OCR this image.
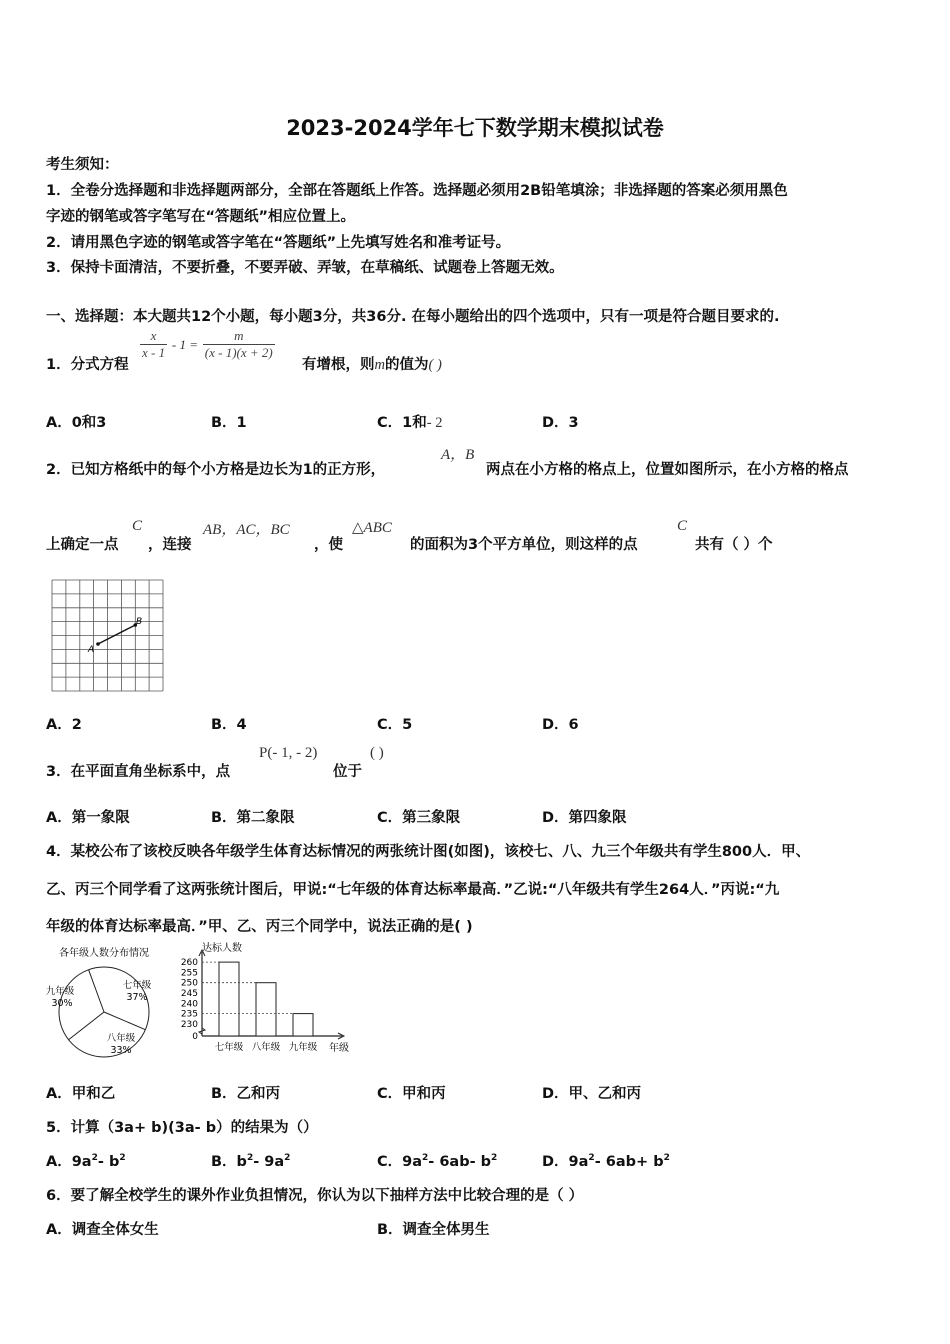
2023-2024学年七下数学期末模拟试卷
考生须知：
1．全卷分选择题和非选择题两部分，全部在答题纸上作答。选择题必须用2B铅笔填涂；非选择题的答案必须用黑色
字迹的钢笔或答字笔写在“答题纸”相应位置上。
2．请用黑色字迹的钢笔或答字笔在“答题纸”上先填写姓名和准考证号。
3．保持卡面清洁，不要折叠，不要弄破、弄皱，在草稿纸、试题卷上答题无效。
一、选择题：本大题共12个小题，每小题3分，共36分. 在每小题给出的四个选项中，只有一项是符合题目要求的.
1．分式方程
$\frac{x}{x - 1} - 1 = \frac{m}{(x - 1)(x + 2)}$
有增根，则m的值为( )
A．0和3	B．1	C．1和- 2	D．3
2．已知方格纸中的每个小方格是边长为1的正方形，
A，B
两点在小方格的格点上，位置如图所示，在小方格的格点
上确定一点
C
，连接
AB，AC，BC
，使
△ABC
的面积为3个平方单位，则这样的点
C
共有（ ）个
A
B
A．2	B．4	C．5	D．6
3．在平面直角坐标系中，点
P(- 1, - 2)
位于
( )
A．第一象限	B．第二象限	C．第三象限	D．第四象限
4．某校公布了该校反映各年级学生体育达标情况的两张统计图(如图)，该校七、八、九三个年级共有学生800人．甲、
乙、丙三个同学看了这两张统计图后，甲说:“七年级的体育达标率最高．”乙说:“八年级共有学生264人．”丙说:“九
年级的体育达标率最高．”甲、乙、丙三个同学中，说法正确的是( )
各年级人数分布情况
七年级
37%
八年级
33%
九年级
30%
达标人数
0
230
235
240
245
250
255
260
七年级 八年级 九年级 年级
A．甲和乙	B．乙和丙	C．甲和丙	D．甲、乙和丙
5．计算（3a+ b)(3a- b）的结果为（）
A．$9a^2-$ $b^2$	B．$b^2-$ $9a^2$	C．$9a^2-$ 6ab- $b^2$	D．$9a^2-$ $6ab+ b^2$
6．要了解全校学生的课外作业负担情况，你认为以下抽样方法中比较合理的是（ ）
A．调查全体女生	B．调查全体男生
